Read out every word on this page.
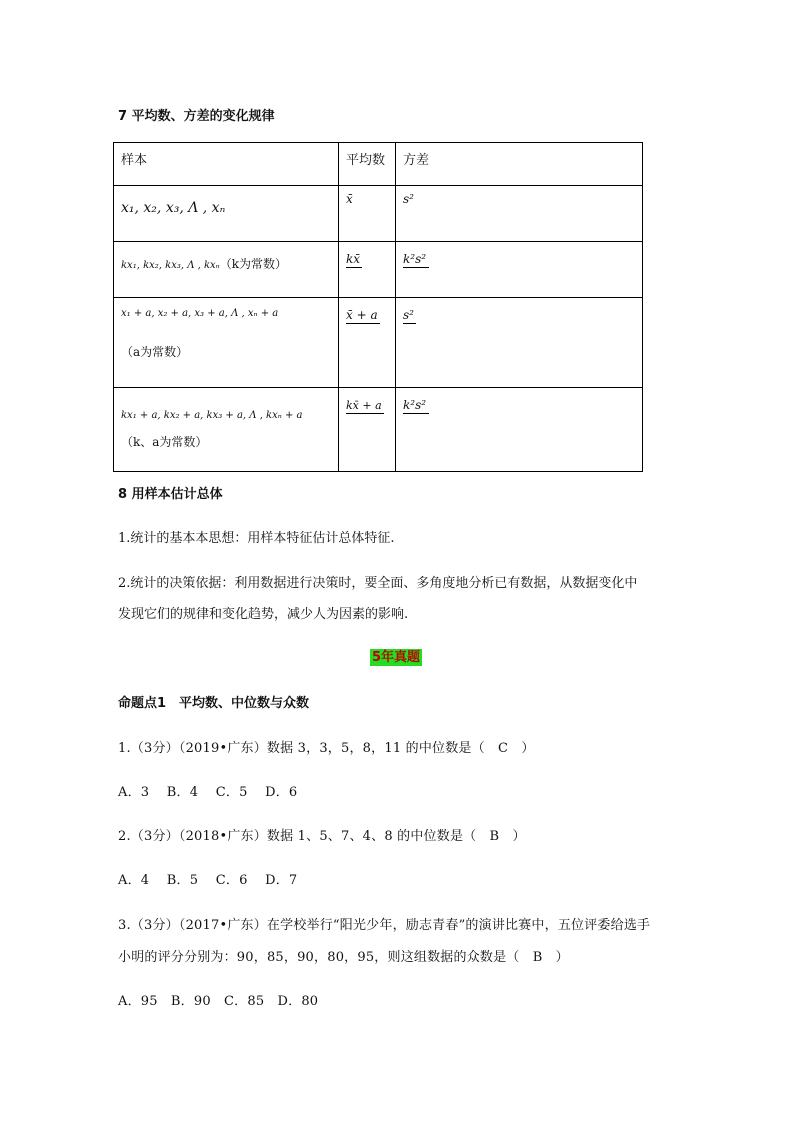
7 平均数、方差的变化规律
样本	平均数	方差
x₁, x₂, x₃, Λ , xₙ	x̄	s²
kx₁, kx₂, kx₃, Λ , kxₙ（k为常数）	kx̄	k²s²

x₁ + a, x₂ + a, x₃ + a, Λ , xₙ + a
（a为常数）	x̄ + a	s²
kx₁ + a, kx₂ + a, kx₃ + a, Λ , kxₙ + a（k、a为常数）	kx̄ + a	k²s²
8 用样本估计总体
1.统计的基本本思想：用样本特征估计总体特征.
2.统计的决策依据：利用数据进行决策时，要全面、多角度地分析已有数据，从数据变化中
发现它们的规律和变化趋势，减少人为因素的影响.
5年真题
命题点1　平均数、中位数与众数
1.（3分）（2019•广东）数据 3，3，5，8，11 的中位数是（　C　）
A．3　 B．4　 C．5　 D．6
2.（3分）（2018•广东）数据 1、5、7、4、8 的中位数是（　B　）
A．4　 B．5　 C．6　 D．7
3.（3分）（2017•广东）在学校举行“阳光少年，励志青春”的演讲比赛中，五位评委给选手
小明的评分分别为：90，85，90，80，95，则这组数据的众数是（　B　）
A．95　B．90　C．85　D．80
